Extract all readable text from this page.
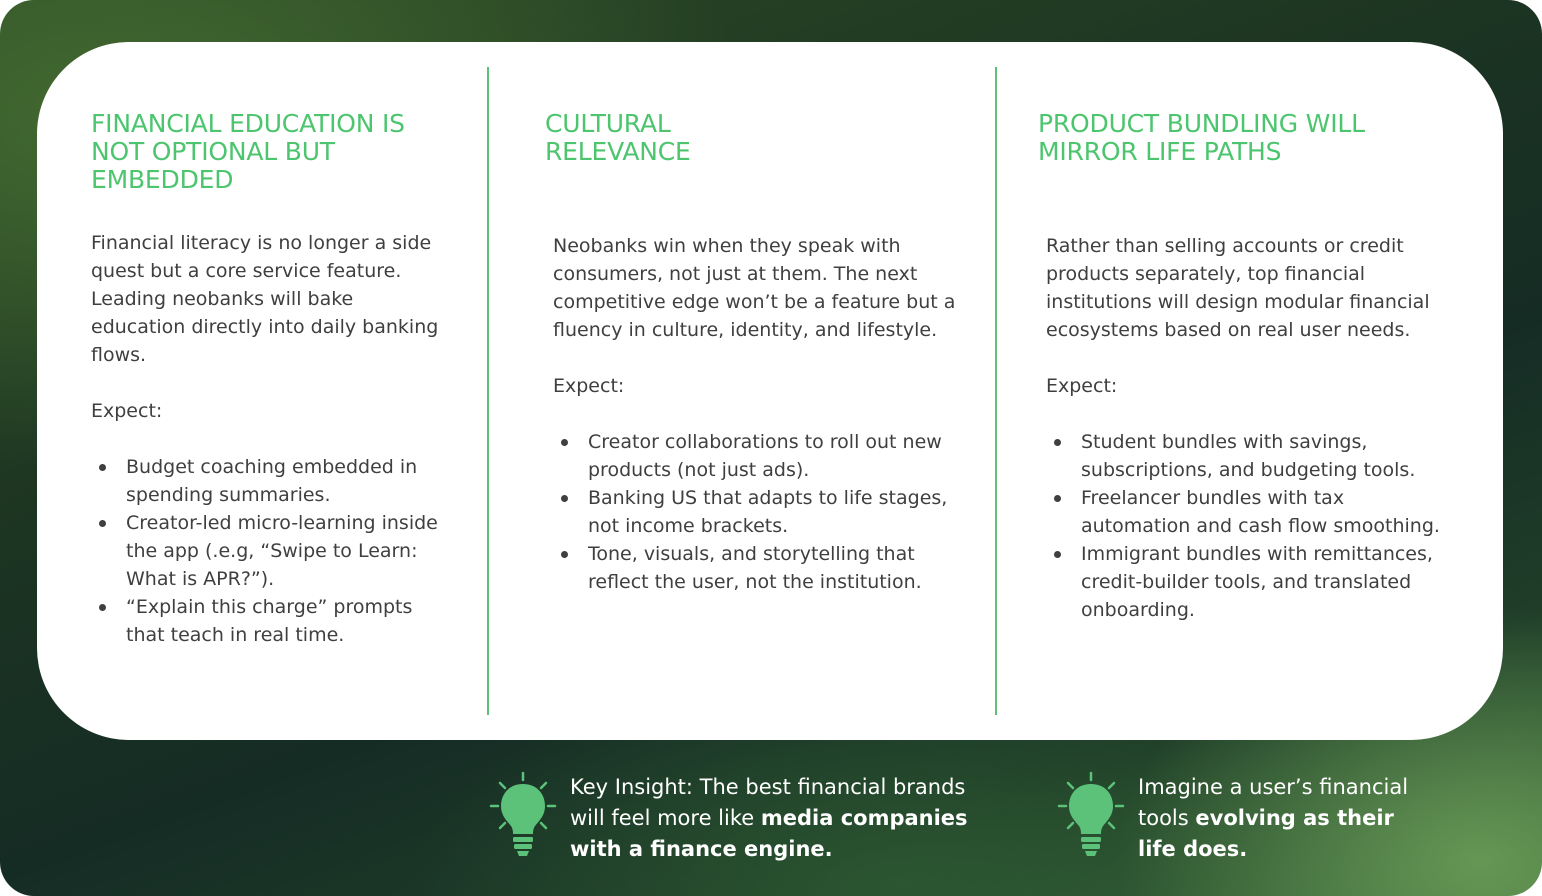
FINANCIAL EDUCATION IS
NOT OPTIONAL BUT
EMBEDDED

Financial literacy is no longer a side quest but a core service feature. Leading neobanks will bake education directly into daily banking flows.

Expect:

Budget coaching embedded in spending summaries.
Creator-led micro-learning inside the app (.e.g, “Swipe to Learn: What is APR?”).
“Explain this charge” prompts that teach in real time.
CULTURAL
RELEVANCE

Neobanks win when they speak with consumers, not just at them. The next competitive edge won’t be a feature but a fluency in culture, identity, and lifestyle.

Expect:

Creator collaborations to roll out new products (not just ads).
Banking US that adapts to life stages, not income brackets.
Tone, visuals, and storytelling that reflect the user, not the institution.
PRODUCT BUNDLING WILL
MIRROR LIFE PATHS

Rather than selling accounts or credit products separately, top financial institutions will design modular financial ecosystems based on real user needs.

Expect:

Student bundles with savings, subscriptions, and budgeting tools.
Freelancer bundles with tax automation and cash flow smoothing.
Immigrant bundles with remittances, credit-builder tools, and translated onboarding.
Key Insight: The best financial brands will feel more like media companies with a finance engine.
Imagine a user’s financial tools evolving as their life does.
